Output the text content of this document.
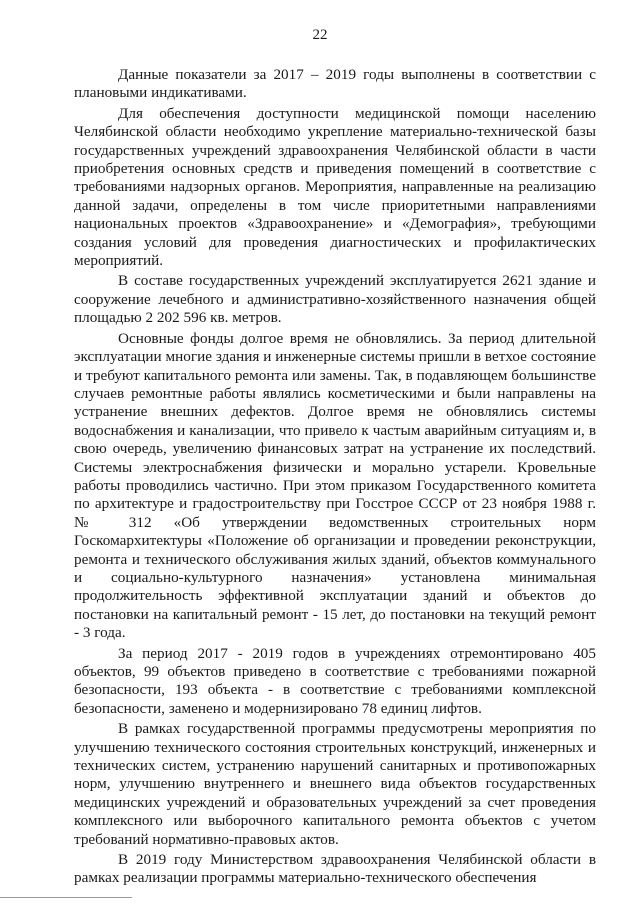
22

Данные показатели за 2017 – 2019 годы выполнены в соответствии с плановыми индикативами.

Для обеспечения доступности медицинской помощи населению Челябинской области необходимо укрепление материально-технической базы государственных учреждений здравоохранения Челябинской области в части приобретения основных средств и приведения помещений в соответствие с требованиями надзорных органов. Мероприятия, направленные на реализацию данной задачи, определены в том числе приоритетными направлениями национальных проектов «Здравоохранение» и «Демография», требующими создания условий для проведения диагностических и профилактических мероприятий.

В составе государственных учреждений эксплуатируется 2621 здание и сооружение лечебного и административно-хозяйственного назначения общей площадью 2 202 596 кв. метров.

Основные фонды долгое время не обновлялись. За период длительной эксплуатации многие здания и инженерные системы пришли в ветхое состояние и требуют капитального ремонта или замены. Так, в подавляющем большинстве случаев ремонтные работы являлись косметическими и были направлены на устранение внешних дефектов. Долгое время не обновлялись системы водоснабжения и канализации, что привело к частым аварийным ситуациям и, в свою очередь, увеличению финансовых затрат на устранение их последствий. Системы электроснабжения физически и морально устарели. Кровельные работы проводились частично. При этом приказом Государственного комитета по архитектуре и градостроительству при Госстрое СССР от 23 ноября 1988 г. № 312 «Об утверждении ведомственных строительных норм Госкомархитектуры «Положение об организации и проведении реконструкции, ремонта и технического обслуживания жилых зданий, объектов коммунального и социально-культурного назначения» установлена минимальная продолжительность эффективной эксплуатации зданий и объектов до постановки на капитальный ремонт - 15 лет, до постановки на текущий ремонт - 3 года.

За период 2017 - 2019 годов в учреждениях отремонтировано 405 объектов, 99 объектов приведено в соответствие с требованиями пожарной безопасности, 193 объекта - в соответствие с требованиями комплексной безопасности, заменено и модернизировано 78 единиц лифтов.

В рамках государственной программы предусмотрены мероприятия по улучшению технического состояния строительных конструкций, инженерных и технических систем, устранению нарушений санитарных и противопожарных норм, улучшению внутреннего и внешнего вида объектов государственных медицинских учреждений и образовательных учреждений за счет проведения комплексного или выборочного капитального ремонта объектов с учетом требований нормативно-правовых актов.

В 2019 году Министерством здравоохранения Челябинской области в рамках реализации программы материально-технического обеспечения
